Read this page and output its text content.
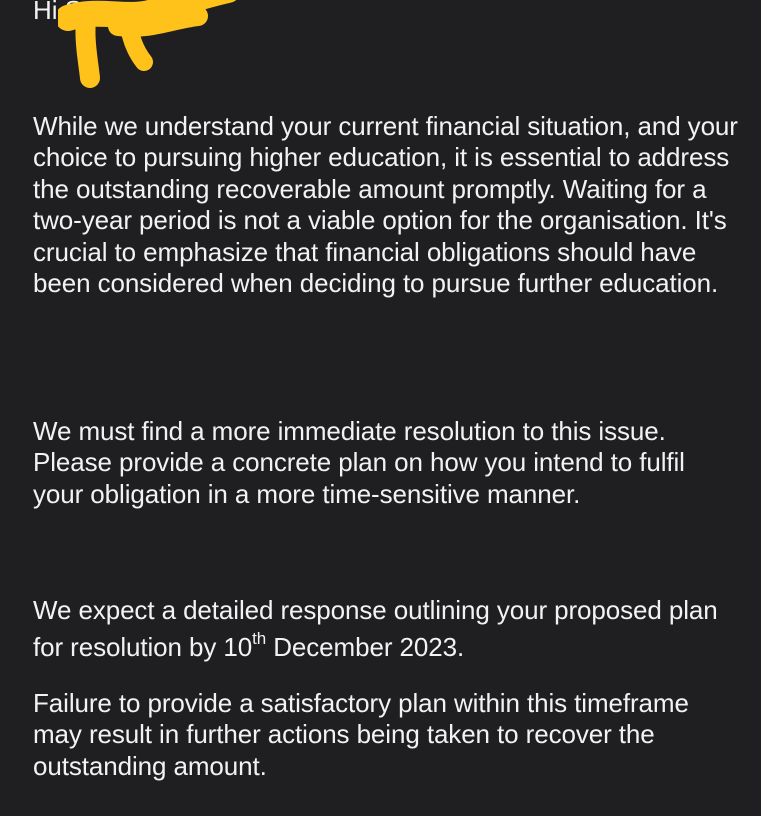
Hi S

While we understand your current financial situation, and your choice to pursuing higher education, it is essential to address the outstanding recoverable amount promptly. Waiting for a two-year period is not a viable option for the organisation. It's crucial to emphasize that financial obligations should have been considered when deciding to pursue further education.

We must find a more immediate resolution to this issue. Please provide a concrete plan on how you intend to fulfil your obligation in a more time-sensitive manner.

We expect a detailed response outlining your proposed plan for resolution by 10th December 2023.

Failure to provide a satisfactory plan within this timeframe may result in further actions being taken to recover the outstanding amount.
